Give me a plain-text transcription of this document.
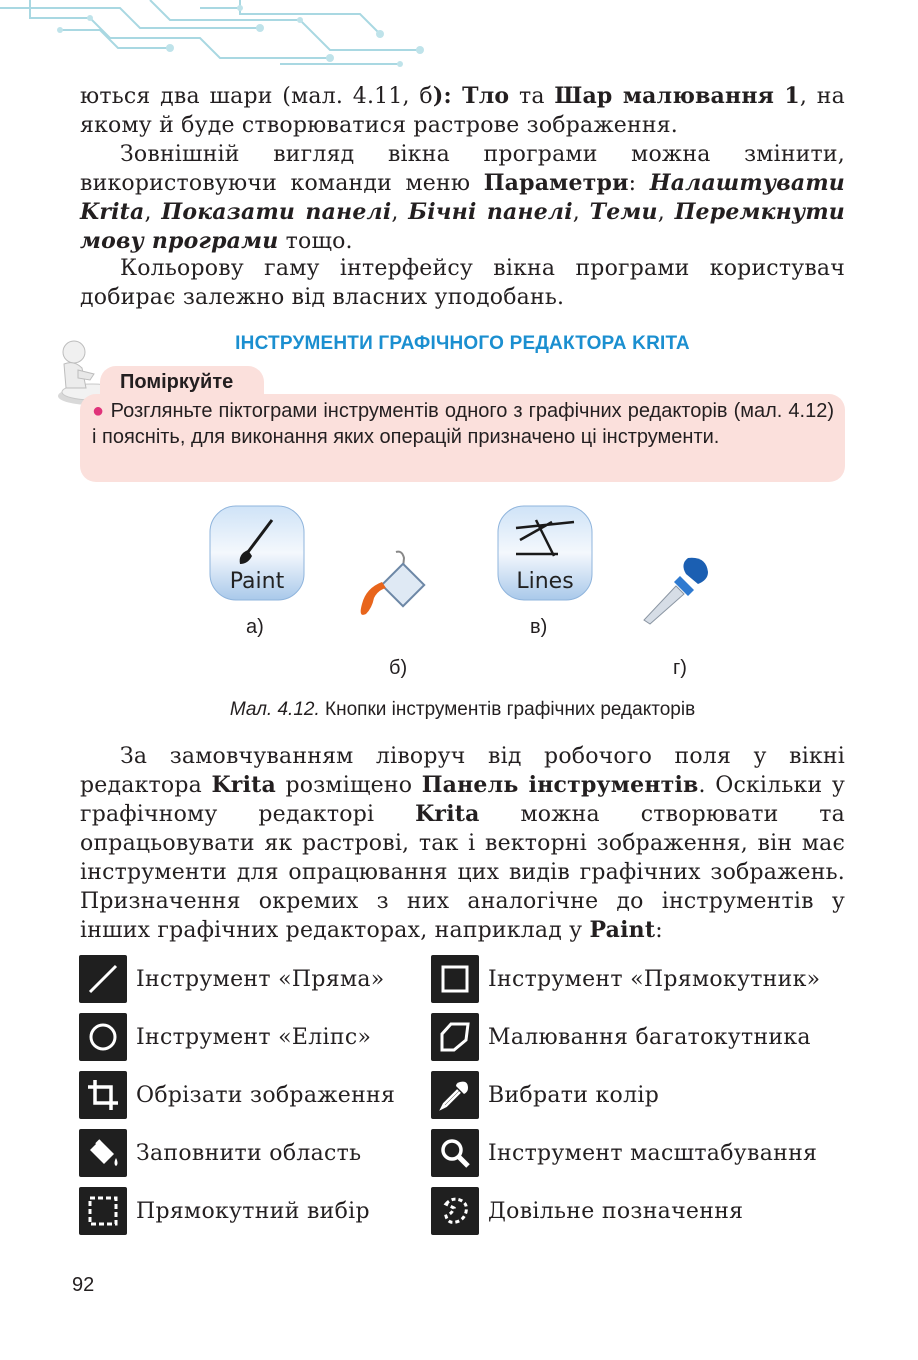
ються два шари (мал. 4.11, б): Тло та Шар малювання 1, на якому й буде створюватися растрове зображення.

Зовнішній вигляд вікна програми можна змінити, використовуючи команди меню Параметри: Налаштувати Krita, Показати панелі, Бічні панелі, Теми, Перемкнути мову програми тощо.

Кольорову гаму інтерфейсу вікна програми користувач добирає залежно від власних уподобань.

ІНСТРУМЕНТИ ГРАФІЧНОГО РЕДАКТОРА KRITA
Поміркуйте

● Розгляньте піктограми інструментів одного з графічних редакторів (мал. 4.12) і поясніть, для виконання яких операцій призначено ці інструменти.

Paint	Lines
а)	в)
б)	г)
Мал. 4.12. Кнопки інструментів графічних редакторів

За замовчуванням ліворуч від робочого поля у вікні редактора Krita розміщено Панель інструментів. Оскільки у графічному редакторі Krita можна створювати та опрацьовувати як растрові, так і векторні зображення, він має інструменти для опрацювання цих видів графічних зображень. Призначення окремих з них аналогічне до інструментів у інших графічних редакторах, наприклад у Paint:

Інструмент «Пряма»	Інструмент «Прямокутник»
Інструмент «Еліпс»	Малювання багатокутника
Обрізати зображення	Вибрати колір
Заповнити область	Інструмент масштабування
Прямокутний вибір	Довільне позначення
92
